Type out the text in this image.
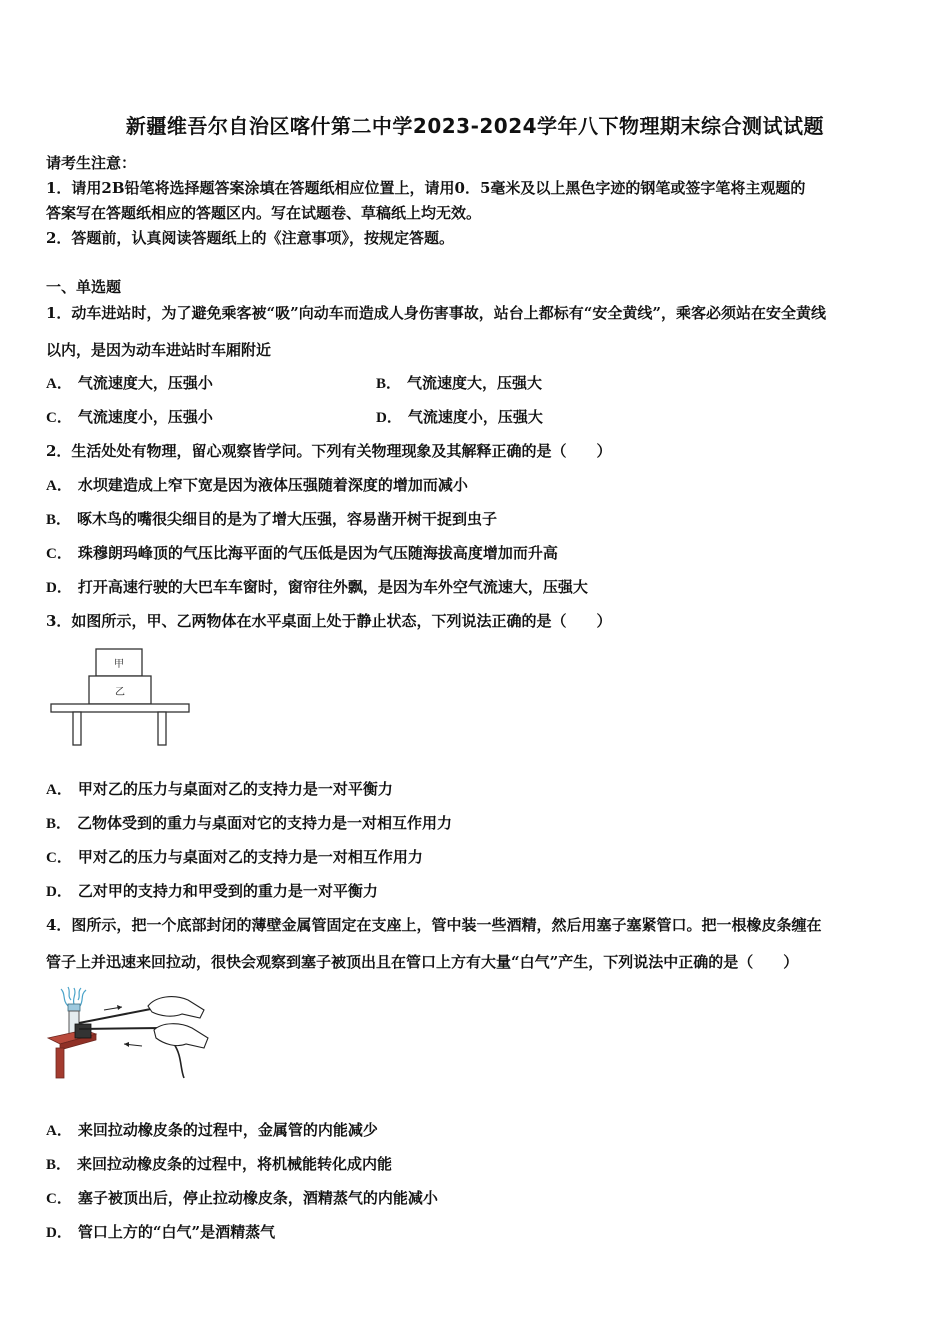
新疆维吾尔自治区喀什第二中学2023-2024学年八下物理期末综合测试试题
请考生注意：
1．请用2B铅笔将选择题答案涂填在答题纸相应位置上，请用0．5毫米及以上黑色字迹的钢笔或签字笔将主观题的
答案写在答题纸相应的答题区内。写在试题卷、草稿纸上均无效。
2．答题前，认真阅读答题纸上的《注意事项》，按规定答题。
一、单选题
1．动车进站时，为了避免乘客被“吸”向动车而造成人身伤害事故，站台上都标有“安全黄线”，乘客必须站在安全黄线
以内，是因为动车进站时车厢附近
A． 气流速度大，压强小	B． 气流速度大，压强大
C． 气流速度小，压强小	D． 气流速度小，压强大
2．生活处处有物理，留心观察皆学问。下列有关物理现象及其解释正确的是（　　）
A． 水坝建造成上窄下宽是因为液体压强随着深度的增加而减小
B． 啄木鸟的嘴很尖细目的是为了增大压强，容易凿开树干捉到虫子
C． 珠穆朗玛峰顶的气压比海平面的气压低是因为气压随海拔高度增加而升高
D． 打开高速行驶的大巴车车窗时，窗帘往外飘，是因为车外空气流速大，压强大
3．如图所示，甲、乙两物体在水平桌面上处于静止状态，下列说法正确的是（　　）
甲
乙
A． 甲对乙的压力与桌面对乙的支持力是一对平衡力
B． 乙物体受到的重力与桌面对它的支持力是一对相互作用力
C． 甲对乙的压力与桌面对乙的支持力是一对相互作用力
D． 乙对甲的支持力和甲受到的重力是一对平衡力
4．图所示，把一个底部封闭的薄壁金属管固定在支座上，管中装一些酒精，然后用塞子塞紧管口。把一根橡皮条缠在
管子上并迅速来回拉动，很快会观察到塞子被顶出且在管口上方有大量“白气”产生，下列说法中正确的是（　　）
A． 来回拉动橡皮条的过程中，金属管的内能减少
B． 来回拉动橡皮条的过程中，将机械能转化成内能
C． 塞子被顶出后，停止拉动橡皮条，酒精蒸气的内能减小
D． 管口上方的“白气”是酒精蒸气
